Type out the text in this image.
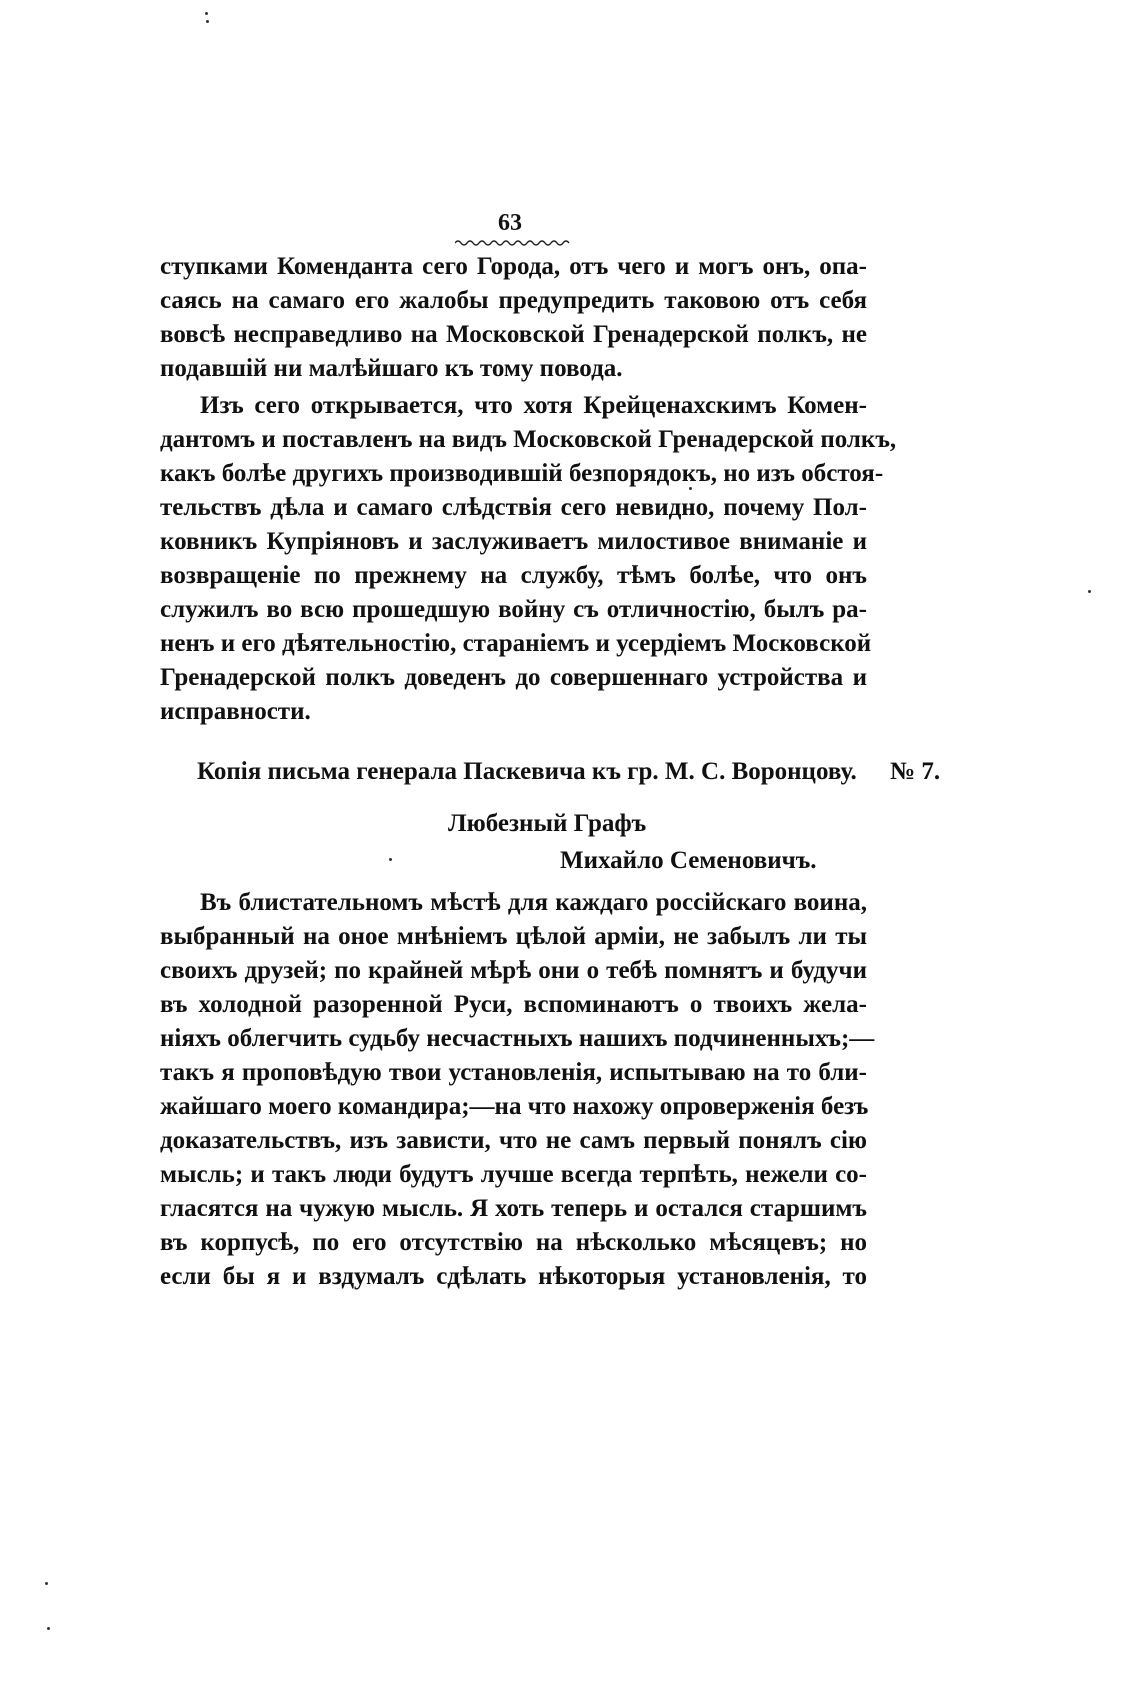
63
ступками Коменданта сего Города, отъ чего и могъ онъ, опа-
саясь на самаго его жалобы предупредить таковою отъ себя
вовсѣ несправедливо на Московской Гренадерской полкъ, не
подавшій ни малѣйшаго къ тому повода.
Изъ сего открывается, что хотя Крейценахскимъ Комен-
дантомъ и поставленъ на видъ Московской Гренадерской полкъ,
какъ болѣе другихъ производившій безпорядокъ, но изъ обстоя-
тельствъ дѣла и самаго слѣдствія сего невидно, почему Пол-
ковникъ Купріяновъ и заслуживаетъ милостивое вниманіе и
возвращеніе по прежнему на службу, тѣмъ болѣе, что онъ
служилъ во всю прошедшую войну съ отличностію, былъ ра-
ненъ и его дѣятельностію, стараніемъ и усердіемъ Московской
Гренадерской полкъ доведенъ до совершеннаго устройства и
исправности.
Копія письма генерала Паскевича къ гр. М. С. Воронцову. № 7.
Любезный Графъ
Михайло Семеновичъ.
Въ блистательномъ мѣстѣ для каждаго россійскаго воина,
выбранный на оное мнѣніемъ цѣлой арміи, не забылъ ли ты
своихъ друзей; по крайней мѣрѣ они о тебѣ помнятъ и будучи
въ холодной разоренной Руси, вспоминаютъ о твоихъ жела-
ніяхъ облегчить судьбу несчастныхъ нашихъ подчиненныхъ;—
такъ я проповѣдую твои установленія, испытываю на то бли-
жайшаго моего командира;—на что нахожу опроверженія безъ
доказательствъ, изъ зависти, что не самъ первый понялъ сію
мысль; и такъ люди будутъ лучше всегда терпѣть, нежели со-
гласятся на чужую мысль. Я хоть теперь и остался старшимъ
въ корпусѣ, по его отсутствію на нѣсколько мѣсяцевъ; но
если бы я и вздумалъ сдѣлать нѣкоторыя установленія, то
